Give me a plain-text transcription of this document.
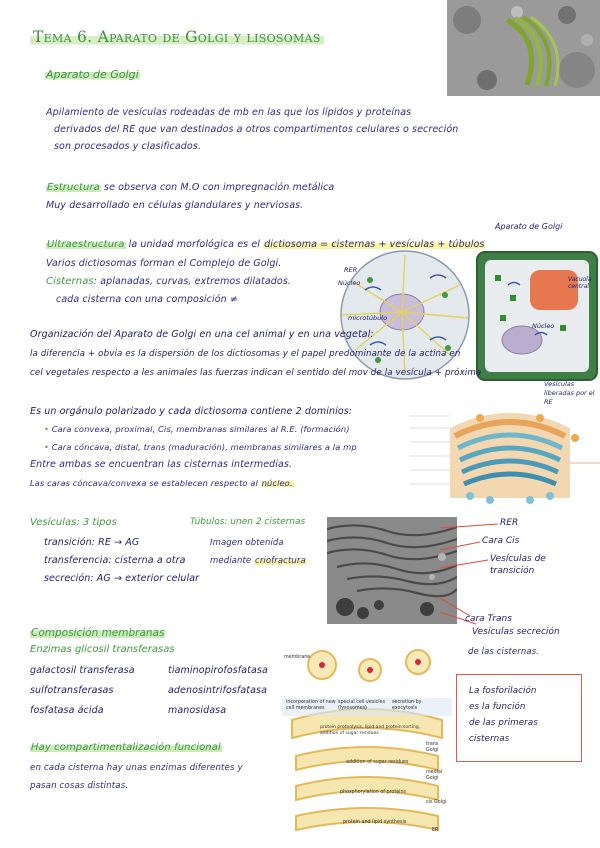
Tema 6. Aparato de Golgi y lisosomas
Aparato de Golgi
Apilamiento de vesículas rodeadas de mb en las que los lípidos y proteínas
derivados del RE que van destinados a otros compartimentos celulares o secreción
son procesados y clasificados.
Estructura se observa con M.O con impregnación metálica
Muy desarrollado en células glandulares y nerviosas.
Ultraestructura la unidad morfológica es el dictiosoma = cisternas + vesículas + túbulos
Varios dictiosomas forman el Complejo de Golgi.
Cisternas: aplanadas, curvas, extremos dilatados.
cada cisterna con una composición ≠
Aparato de Golgi
RER
Núcleo
microtúbulo
Vacuola central
Núcleo
Vesículas liberadas por el RE
Organización del Aparato de Golgi en una cel animal y en una vegetal:
la diferencia + obvia es la dispersión de los dictiosomas y el papel predominante de la actina en
cel vegetales respecto a les animales las fuerzas indican el sentido del mov de la vesícula + próxima
Es un orgánulo polarizado y cada dictiosoma contiene 2 dominios:
• Cara convexa, proximal, Cis, membranas similares al R.E. (formación)
• Cara cóncava, distal, trans (maduración), membranas similares a la mp
Entre ambas se encuentran las cisternas intermedias.
Las caras cóncava/convexa se establecen respecto al núcleo.
Vesículas: 3 tipos
transición: RE → AG
transferencia: cisterna a otra
secreción: AG → exterior celular
Túbulos: unen 2 cisternas
Imagen obtenida
mediante criofractura
RER
Cara Cis
Vesículas de transición
cara Trans
Vesículas secreción
de las cisternas.
Composición membranas
Enzimas glicosil transferasas
galactosil transferasa
sulfotransferasas
fosfatasa ácida
tiaminopirofosfatasa
adenosintrifosfatasa
manosidasa
Hay compartimentalización funcional
en cada cisterna hay unas enzimas diferentes y
pasan cosas distintas.
incorporation of new cell membranes
special cell vesicles (lysosomes)
secretion by exocytosis
protein proteolysis, lipid and protein sorting, addition of sugar residues
addition of sugar residues
phosphorylation of proteins
protein and lipid synthesis
trans Golgi
medial Golgi
cis Golgi
ER
membrane
La fosforilación
es la función
de las primeras
cisternas
